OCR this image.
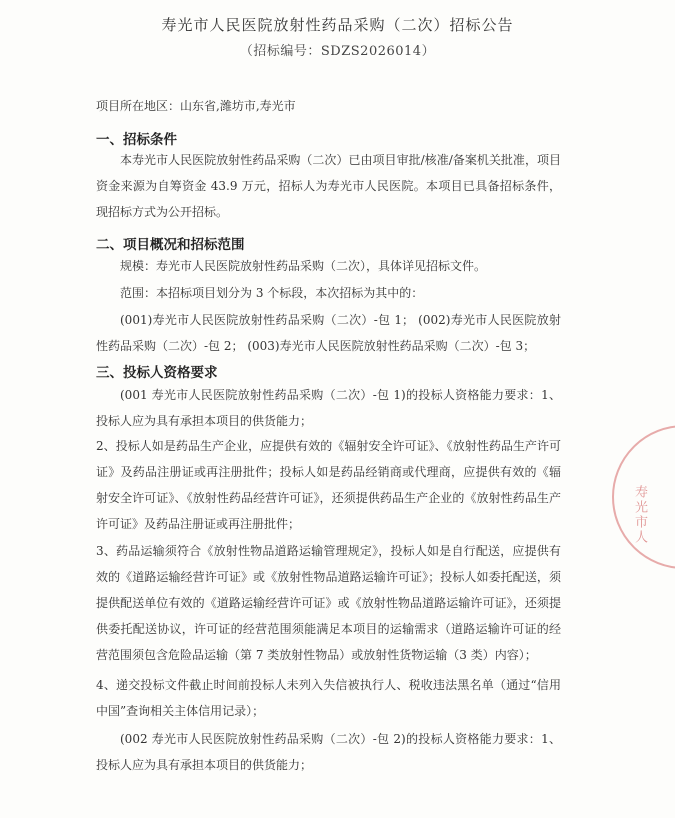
寿光市人民医院放射性药品采购（二次）招标公告
（招标编号：SDZS2026014）
项目所在地区：山东省,潍坊市,寿光市
一、招标条件
本寿光市人民医院放射性药品采购（二次）已由项目审批/核准/备案机关批准，项目资金来源为自筹资金 43.9 万元，招标人为寿光市人民医院。本项目已具备招标条件，现招标方式为公开招标。
二、项目概况和招标范围
规模：寿光市人民医院放射性药品采购（二次），具体详见招标文件。
范围：本招标项目划分为 3 个标段，本次招标为其中的：
(001)寿光市人民医院放射性药品采购（二次）-包 1； (002)寿光市人民医院放射性药品采购（二次）-包 2； (003)寿光市人民医院放射性药品采购（二次）-包 3；
三、投标人资格要求
(001 寿光市人民医院放射性药品采购（二次）-包 1)的投标人资格能力要求：1、投标人应为具有承担本项目的供货能力；
2、投标人如是药品生产企业，应提供有效的《辐射安全许可证》、《放射性药品生产许可证》及药品注册证或再注册批件；投标人如是药品经销商或代理商，应提供有效的《辐射安全许可证》、《放射性药品经营许可证》，还须提供药品生产企业的《放射性药品生产许可证》及药品注册证或再注册批件；
3、药品运输须符合《放射性物品道路运输管理规定》，投标人如是自行配送，应提供有效的《道路运输经营许可证》或《放射性物品道路运输许可证》；投标人如委托配送，须提供配送单位有效的《道路运输经营许可证》或《放射性物品道路运输许可证》，还须提供委托配送协议，许可证的经营范围须能满足本项目的运输需求（道路运输许可证的经营范围须包含危险品运输（第 7 类放射性物品）或放射性货物运输（3 类）内容）；
4、递交投标文件截止时间前投标人未列入失信被执行人、税收违法黑名单（通过“信用中国”查询相关主体信用记录）；
(002 寿光市人民医院放射性药品采购（二次）-包 2)的投标人资格能力要求：1、投标人应为具有承担本项目的供货能力；
寿光市人
